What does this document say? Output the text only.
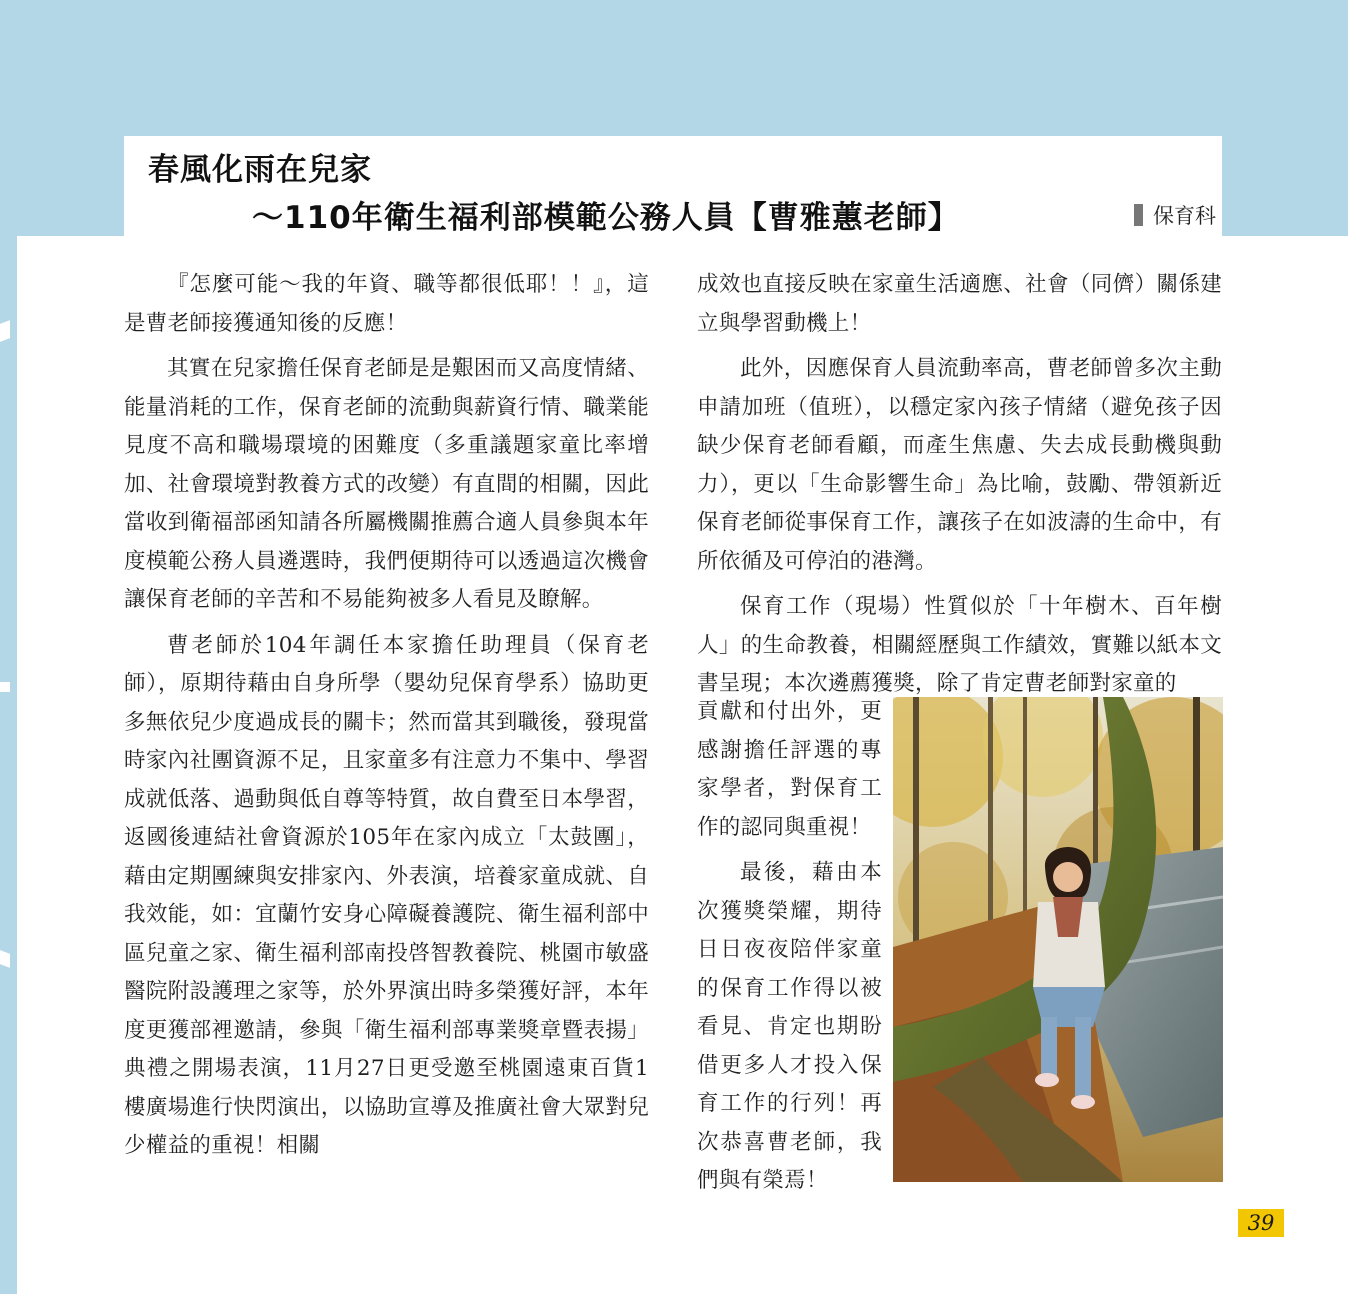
春風化雨在兒家
～110年衛生福利部模範公務人員【曹雅蕙老師】	保育科

『怎麼可能～我的年資、職等都很低耶！！』，這是曹老師接獲通知後的反應！

其實在兒家擔任保育老師是是艱困而又高度情緒、能量消耗的工作，保育老師的流動與薪資行情、職業能見度不高和職場環境的困難度（多重議題家童比率增加、社會環境對教養方式的改變）有直間的相關，因此當收到衛福部函知請各所屬機關推薦合適人員參與本年度模範公務人員遴選時，我們便期待可以透過這次機會讓保育老師的辛苦和不易能夠被多人看見及瞭解。

曹老師於104年調任本家擔任助理員（保育老師），原期待藉由自身所學（嬰幼兒保育學系）協助更多無依兒少度過成長的關卡；然而當其到職後，發現當時家內社團資源不足，且家童多有注意力不集中、學習成就低落、過動與低自尊等特質，故自費至日本學習，返國後連結社會資源於105年在家內成立「太鼓團」，藉由定期團練與安排家內、外表演，培養家童成就、自我效能，如：宜蘭竹安身心障礙養護院、衛生福利部中區兒童之家、衛生福利部南投啓智教養院、桃園市敏盛醫院附設護理之家等，於外界演出時多榮獲好評，本年度更獲部裡邀請，參與「衛生福利部專業獎章暨表揚」典禮之開場表演，11月27日更受邀至桃園遠東百貨1樓廣場進行快閃演出，以協助宣導及推廣社會大眾對兒少權益的重視！相關

成效也直接反映在家童生活適應、社會（同儕）關係建立與學習動機上！

此外，因應保育人員流動率高，曹老師曾多次主動申請加班（值班），以穩定家內孩子情緒（避免孩子因缺少保育老師看顧，而產生焦慮、失去成長動機與動力），更以「生命影響生命」為比喻，鼓勵、帶領新近保育老師從事保育工作，讓孩子在如波濤的生命中，有所依循及可停泊的港灣。

保育工作（現場）性質似於「十年樹木、百年樹人」的生命教養，相關經歷與工作績效，實難以紙本文書呈現；本次遴薦獲獎，除了肯定曹老師對家童的

貢獻和付出外，更感謝擔任評選的專家學者，對保育工作的認同與重視！

最後，藉由本次獲獎榮耀，期待日日夜夜陪伴家童的保育工作得以被看見、肯定也期盼借更多人才投入保育工作的行列！再次恭喜曹老師，我們與有榮焉！

39
